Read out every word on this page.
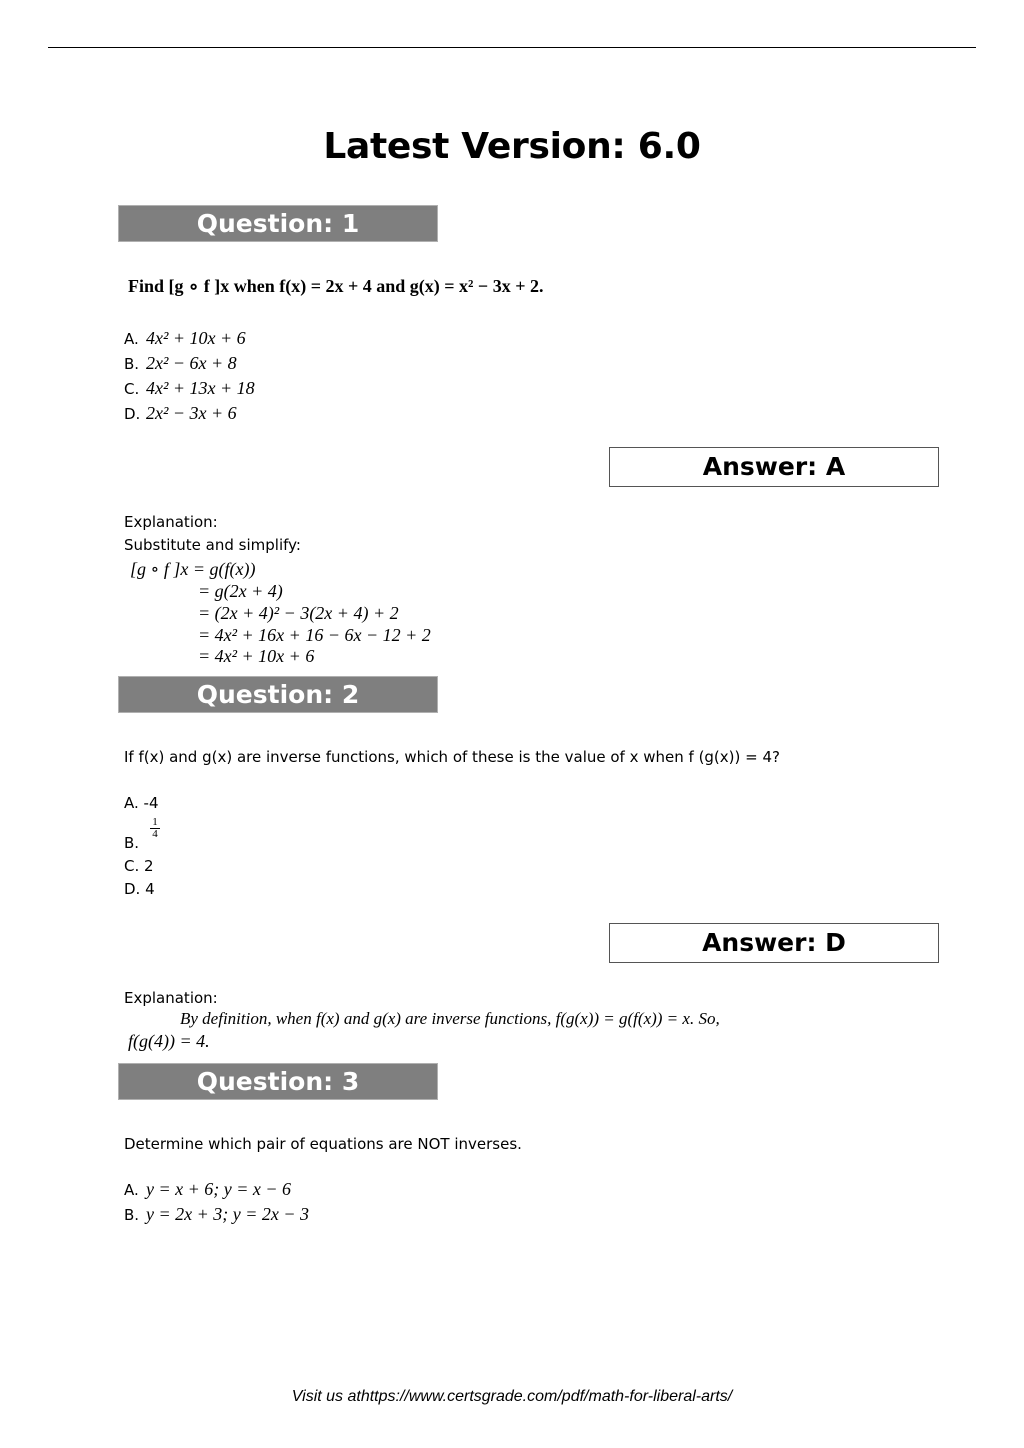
Latest Version: 6.0
Question: 1
Find [g ∘ f ]x when f(x) = 2x + 4 and g(x) = x² − 3x + 2.
A. 4x² + 10x + 6
B. 2x² − 6x + 8
C. 4x² + 13x + 18
D. 2x² − 3x + 6
Answer: A
Explanation:
Substitute and simplify:
[g ∘ f ]x = g(f(x))
= g(2x + 4)
= (2x + 4)² − 3(2x + 4) + 2
= 4x² + 16x + 16 − 6x − 12 + 2
= 4x² + 10x + 6
Question: 2
If f(x) and g(x) are inverse functions, which of these is the value of x when f (g(x)) = 4?
A. -4
B.
$\frac{1}{4}$
C. 2
D. 4
Answer: D
Explanation:
By definition, when f(x) and g(x) are inverse functions, f(g(x)) = g(f(x)) = x. So,
f(g(4)) = 4.
Question: 3
Determine which pair of equations are NOT inverses.
A. y = x + 6; y = x − 6
B. y = 2x + 3; y = 2x − 3
Visit us athttps://www.certsgrade.com/pdf/math-for-liberal-arts/
